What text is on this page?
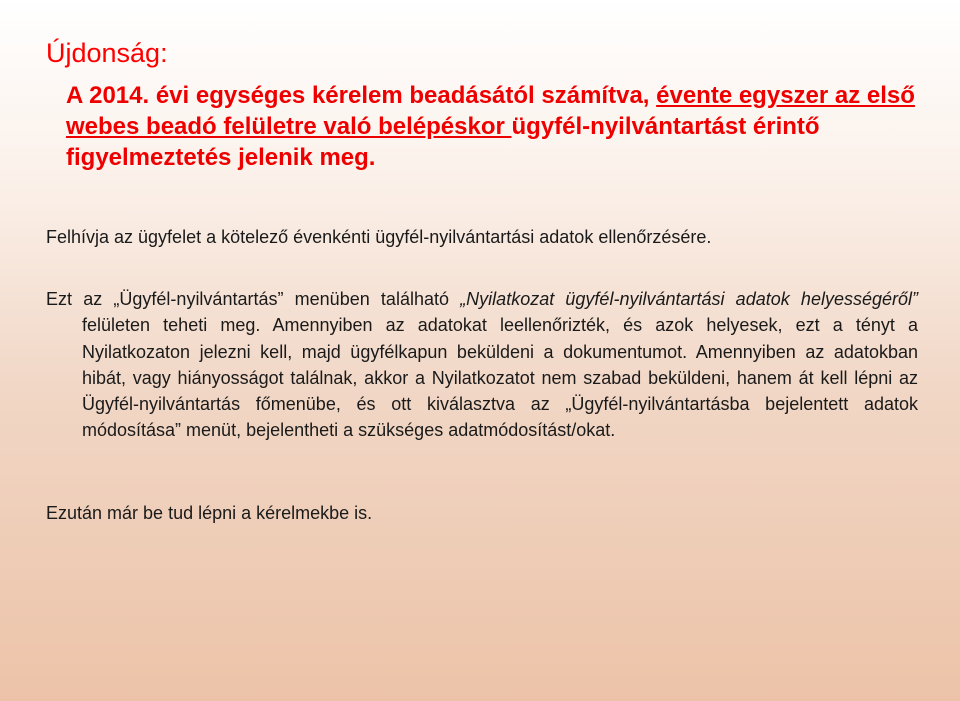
Újdonság:
A 2014. évi egységes kérelem beadásától számítva, évente egyszer az első webes beadó felületre való belépéskor ügyfél-nyilvántartást érintő figyelmeztetés jelenik meg.
Felhívja az ügyfelet a kötelező évenkénti ügyfél-nyilvántartási adatok ellenőrzésére.
Ezt az „Ügyfél-nyilvántartás” menüben található „Nyilatkozat ügyfél-nyilvántartási adatok helyességéről” felületen teheti meg. Amennyiben az adatokat leellenőrizték, és azok helyesek, ezt a tényt a Nyilatkozaton jelezni kell, majd ügyfélkapun beküldeni a dokumentumot. Amennyiben az adatokban hibát, vagy hiányosságot találnak, akkor a Nyilatkozatot nem szabad beküldeni, hanem át kell lépni az Ügyfél-nyilvántartás főmenübe, és ott kiválasztva az „Ügyfél-nyilvántartásba bejelentett adatok módosítása” menüt, bejelentheti a szükséges adatmódosítást/okat.
Ezután már be tud lépni a kérelmekbe is.
